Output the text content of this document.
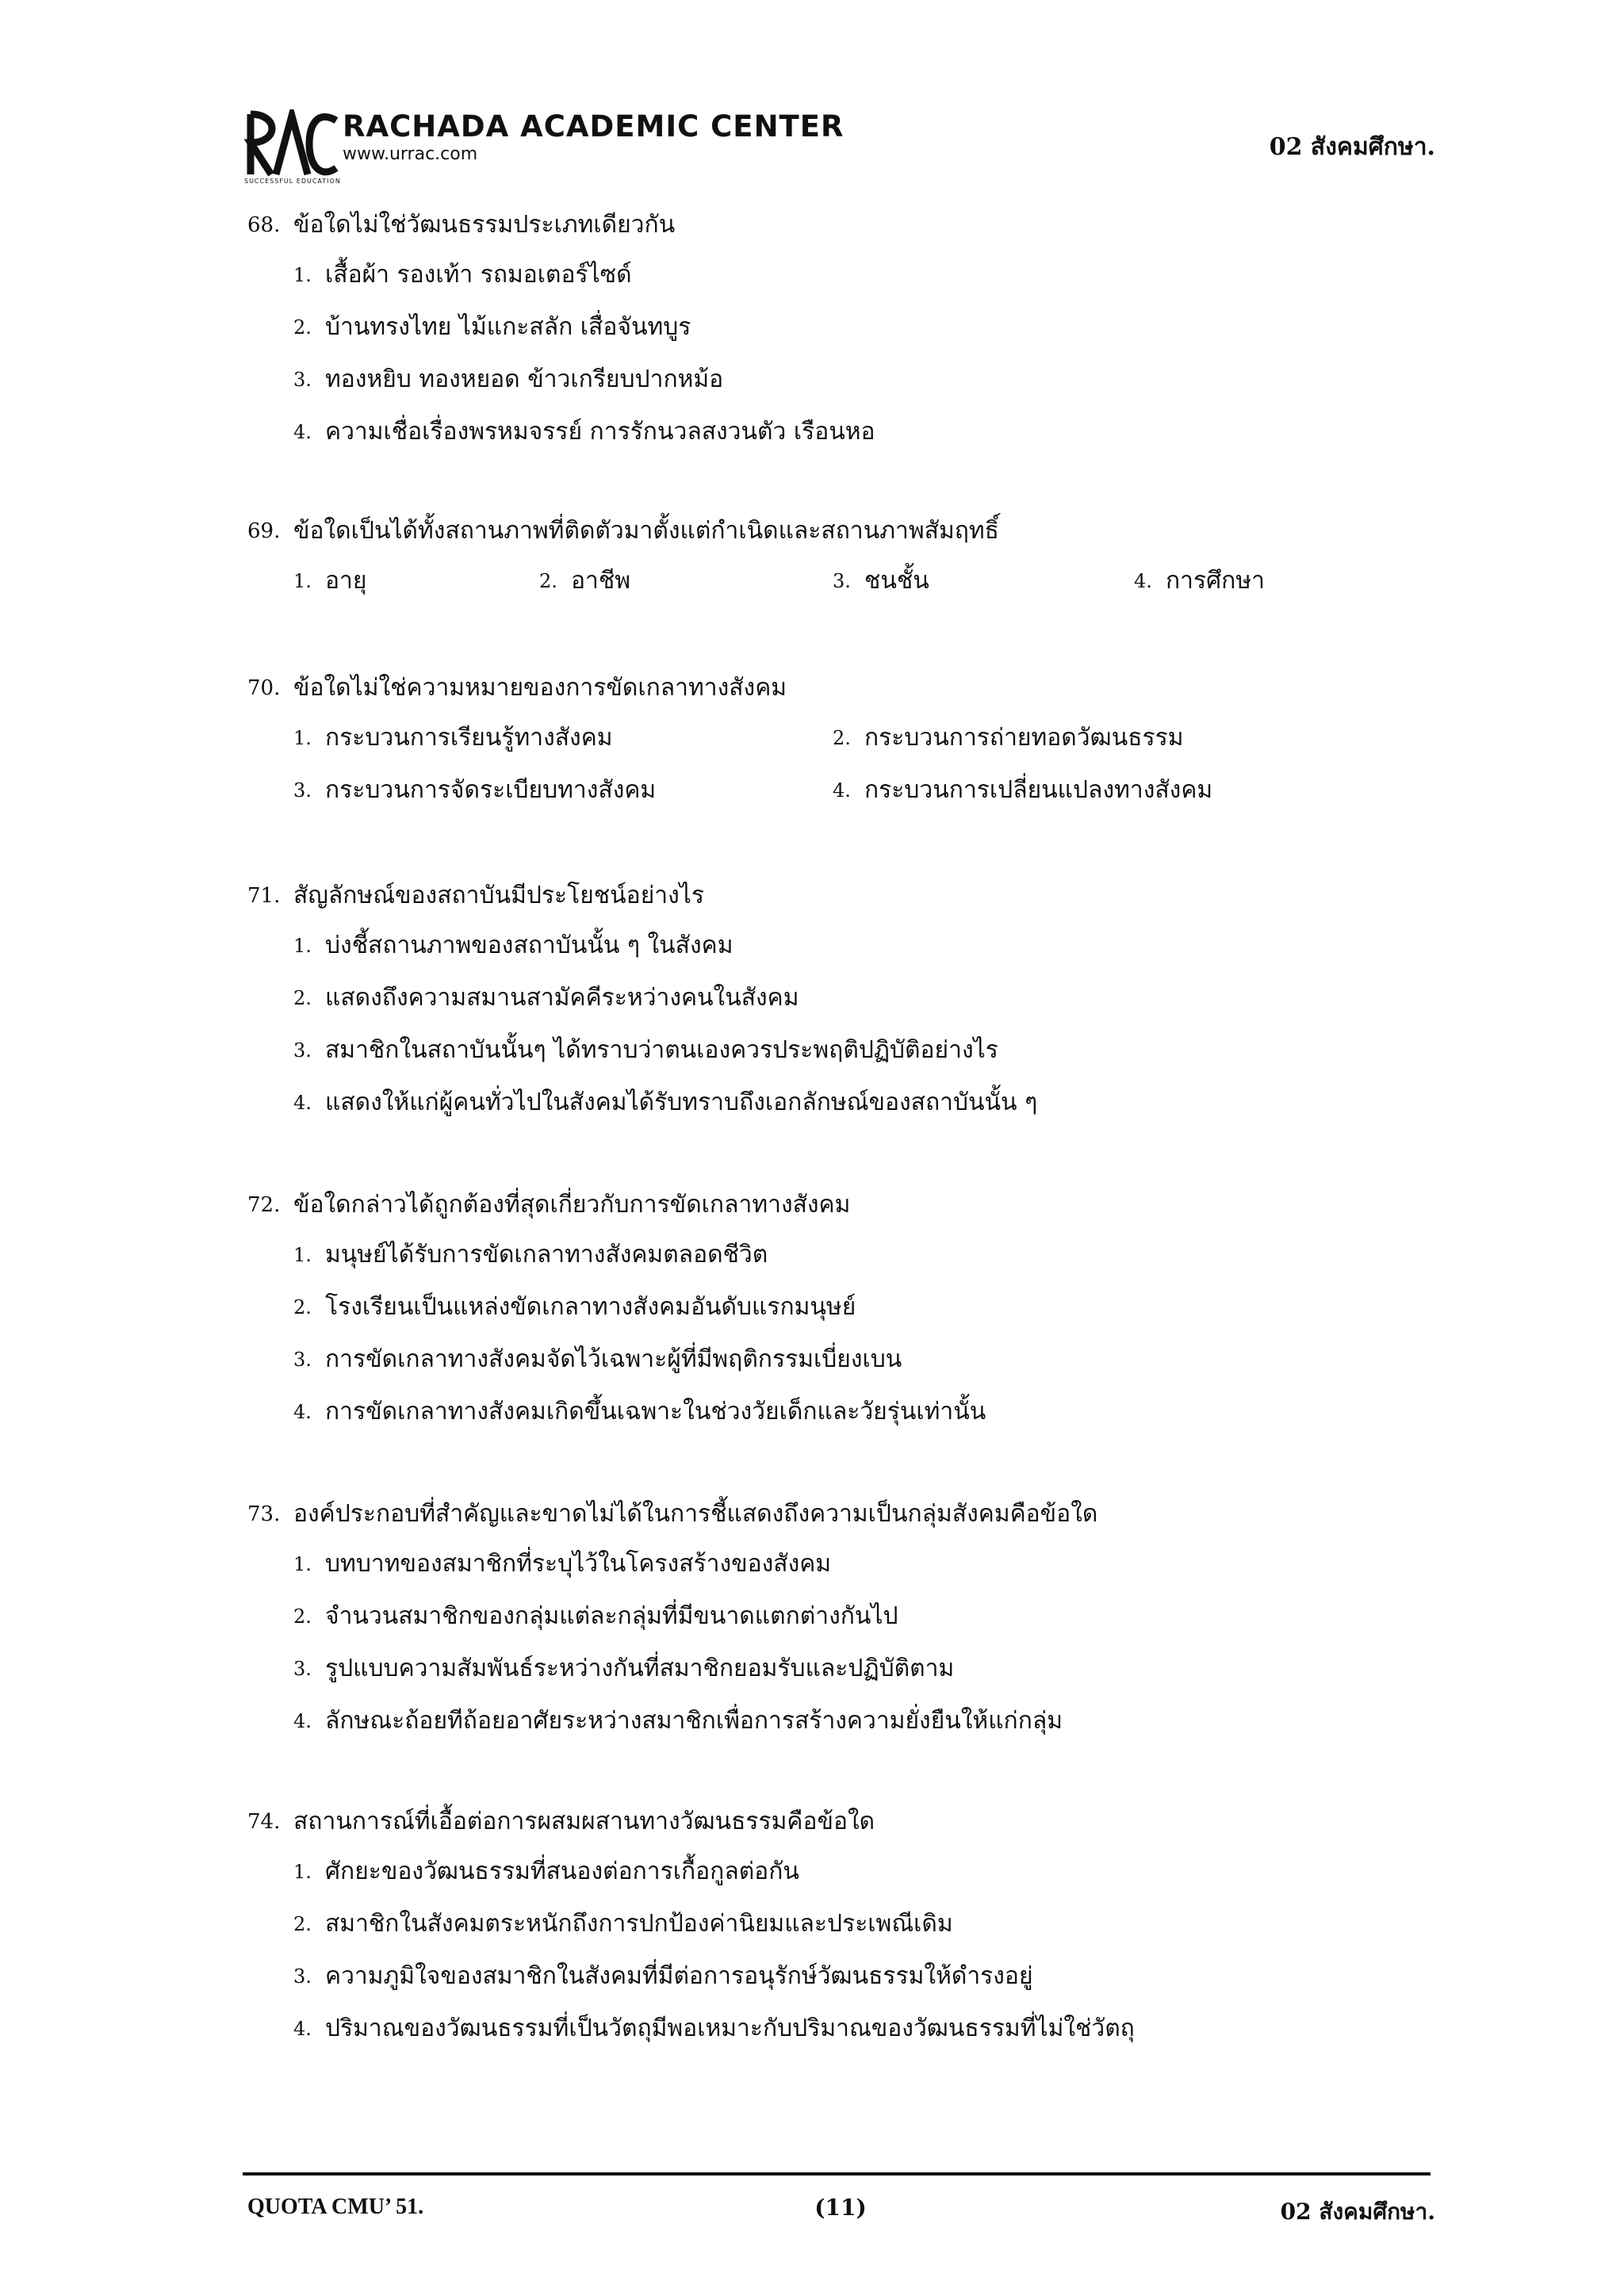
RACHADA ACADEMIC CENTER
www.urrac.com
SUCCESSFUL EDUCATION
02 สังคมศึกษา.
68. ข้อใดไม่ใช่วัฒนธรรมประเภทเดียวกัน
1. เสื้อผ้า รองเท้า รถมอเตอร์ไซด์
2. บ้านทรงไทย ไม้แกะสลัก เสื่อจันทบูร
3. ทองหยิบ ทองหยอด ข้าวเกรียบปากหม้อ
4. ความเชื่อเรื่องพรหมจรรย์ การรักนวลสงวนตัว เรือนหอ
69. ข้อใดเป็นได้ทั้งสถานภาพที่ติดตัวมาตั้งแต่กำเนิดและสถานภาพสัมฤทธิ์
1. อายุ	2. อาชีพ	3. ชนชั้น	4. การศึกษา
70. ข้อใดไม่ใช่ความหมายของการขัดเกลาทางสังคม
1. กระบวนการเรียนรู้ทางสังคม	2. กระบวนการถ่ายทอดวัฒนธรรม
3. กระบวนการจัดระเบียบทางสังคม	4. กระบวนการเปลี่ยนแปลงทางสังคม
71. สัญลักษณ์ของสถาบันมีประโยชน์อย่างไร
1. บ่งชี้สถานภาพของสถาบันนั้น ๆ ในสังคม
2. แสดงถึงความสมานสามัคคีระหว่างคนในสังคม
3. สมาชิกในสถาบันนั้นๆ ได้ทราบว่าตนเองควรประพฤติปฏิบัติอย่างไร
4. แสดงให้แก่ผู้คนทั่วไปในสังคมได้รับทราบถึงเอกลักษณ์ของสถาบันนั้น ๆ
72. ข้อใดกล่าวได้ถูกต้องที่สุดเกี่ยวกับการขัดเกลาทางสังคม
1. มนุษย์ได้รับการขัดเกลาทางสังคมตลอดชีวิต
2. โรงเรียนเป็นแหล่งขัดเกลาทางสังคมอันดับแรกมนุษย์
3. การขัดเกลาทางสังคมจัดไว้เฉพาะผู้ที่มีพฤติกรรมเบี่ยงเบน
4. การขัดเกลาทางสังคมเกิดขึ้นเฉพาะในช่วงวัยเด็กและวัยรุ่นเท่านั้น
73. องค์ประกอบที่สำคัญและขาดไม่ได้ในการชี้แสดงถึงความเป็นกลุ่มสังคมคือข้อใด
1. บทบาทของสมาชิกที่ระบุไว้ในโครงสร้างของสังคม
2. จำนวนสมาชิกของกลุ่มแต่ละกลุ่มที่มีขนาดแตกต่างกันไป
3. รูปแบบความสัมพันธ์ระหว่างกันที่สมาชิกยอมรับและปฏิบัติตาม
4. ลักษณะถ้อยทีถ้อยอาศัยระหว่างสมาชิกเพื่อการสร้างความยั่งยืนให้แก่กลุ่ม
74. สถานการณ์ที่เอื้อต่อการผสมผสานทางวัฒนธรรมคือข้อใด
1. ศักยะของวัฒนธรรมที่สนองต่อการเกื้อกูลต่อกัน
2. สมาชิกในสังคมตระหนักถึงการปกป้องค่านิยมและประเพณีเดิม
3. ความภูมิใจของสมาชิกในสังคมที่มีต่อการอนุรักษ์วัฒนธรรมให้ดำรงอยู่
4. ปริมาณของวัฒนธรรมที่เป็นวัตถุมีพอเหมาะกับปริมาณของวัฒนธรรมที่ไม่ใช่วัตถุ
QUOTA CMU’ 51.	(11)	02 สังคมศึกษา.
